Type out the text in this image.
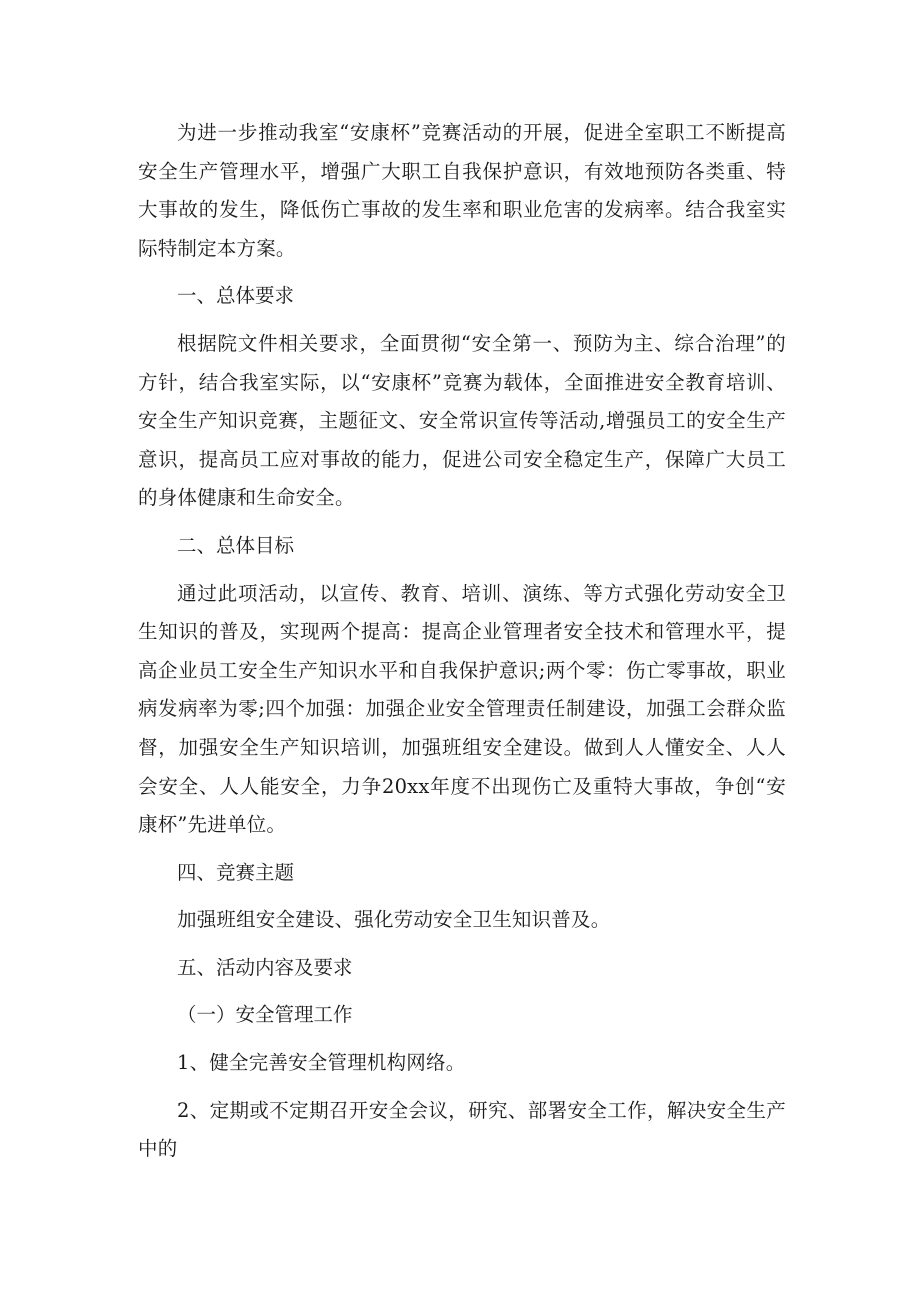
为进一步推动我室“安康杯”竞赛活动的开展，促进全室职工不断提高安全生产管理水平，增强广大职工自我保护意识，有效地预防各类重、特大事故的发生，降低伤亡事故的发生率和职业危害的发病率。结合我室实际特制定本方案。

一、总体要求

根据院文件相关要求，全面贯彻“安全第一、预防为主、综合治理”的方针，结合我室实际，以“安康杯”竞赛为载体，全面推进安全教育培训、安全生产知识竞赛，主题征文、安全常识宣传等活动,增强员工的安全生产意识，提高员工应对事故的能力，促进公司安全稳定生产，保障广大员工的身体健康和生命安全。

二、总体目标

通过此项活动，以宣传、教育、培训、演练、等方式强化劳动安全卫生知识的普及，实现两个提高：提高企业管理者安全技术和管理水平，提高企业员工安全生产知识水平和自我保护意识;两个零：伤亡零事故，职业病发病率为零;四个加强：加强企业安全管理责任制建设，加强工会群众监督，加强安全生产知识培训，加强班组安全建设。做到人人懂安全、人人会安全、人人能安全，力争20xx年度不出现伤亡及重特大事故，争创“安康杯”先进单位。

四、竞赛主题

加强班组安全建设、强化劳动安全卫生知识普及。

五、活动内容及要求

（一）安全管理工作

1、健全完善安全管理机构网络。

2、定期或不定期召开安全会议，研究、部署安全工作，解决安全生产中的
